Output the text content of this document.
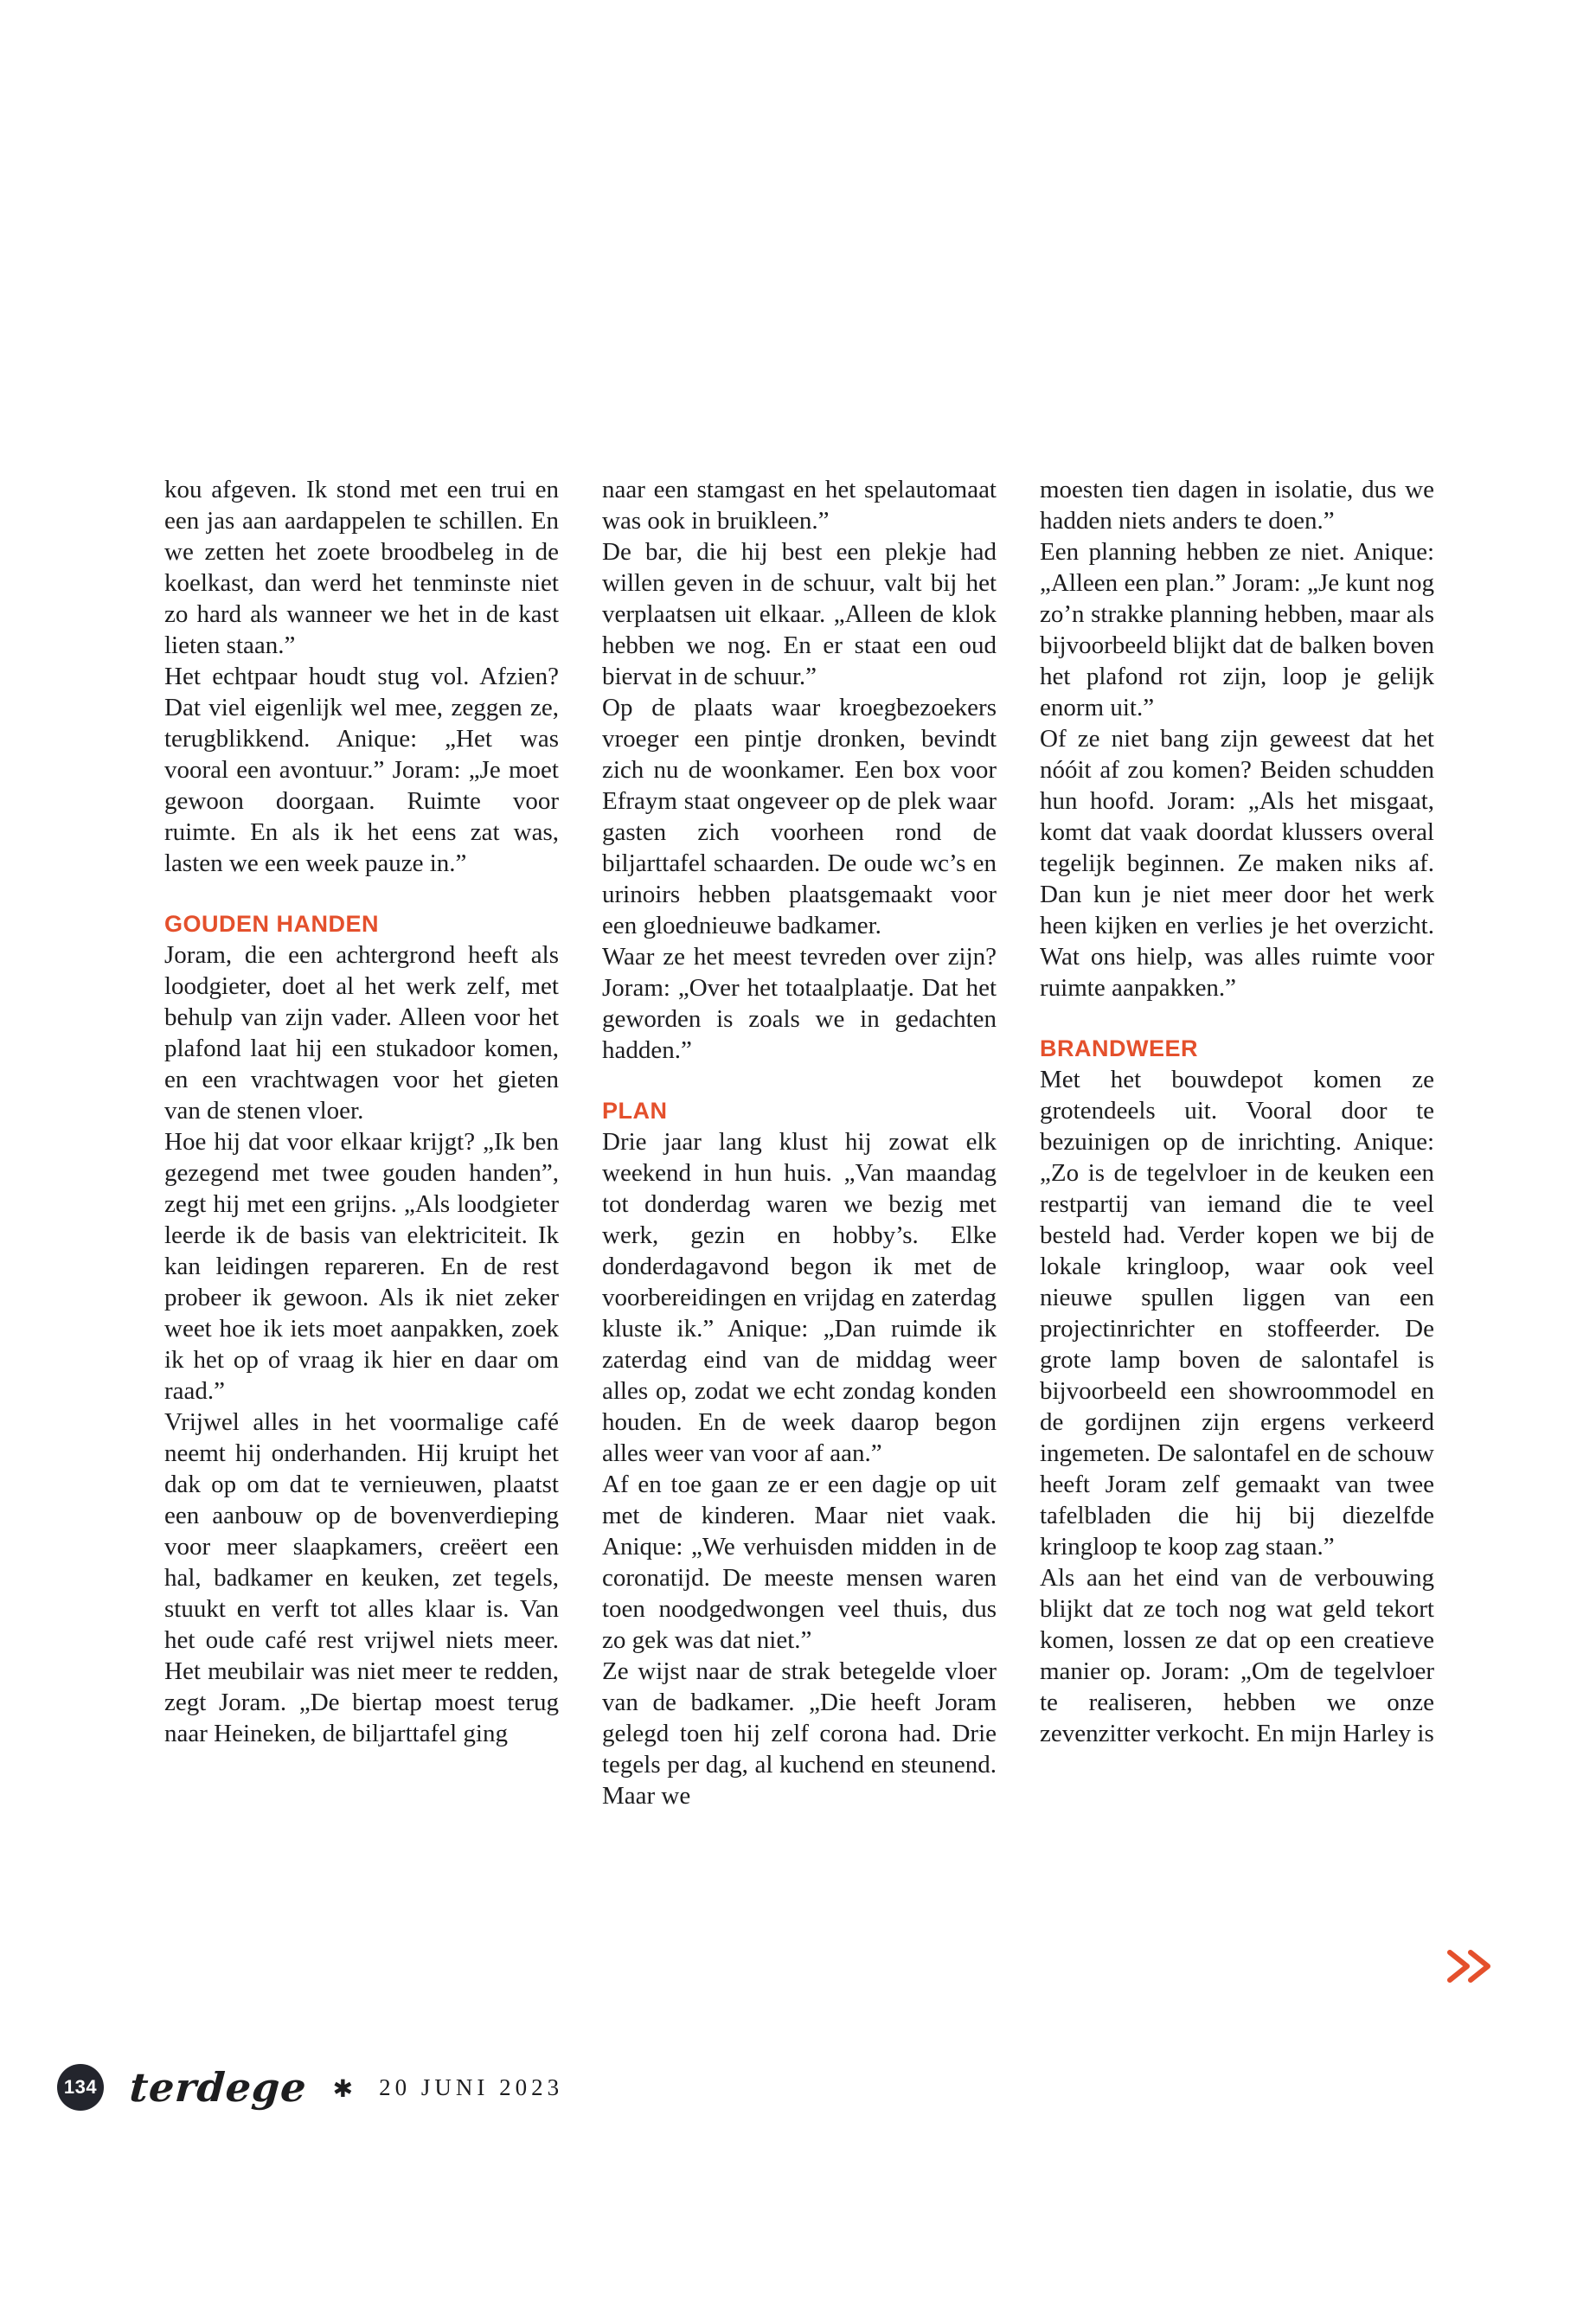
kou afgeven. Ik stond met een trui en een jas aan aardappelen te schillen. En we zetten het zoete broodbeleg in de koelkast, dan werd het tenminste niet zo hard als wanneer we het in de kast lieten staan.”

Het echtpaar houdt stug vol. Afzien? Dat viel eigenlijk wel mee, zeggen ze, terugblikkend. Anique: „Het was vooral een avontuur.” Joram: „Je moet gewoon doorgaan. Ruimte voor ruimte. En als ik het eens zat was, lasten we een week pauze in.”

GOUDEN HANDEN

Joram, die een achtergrond heeft als loodgieter, doet al het werk zelf, met behulp van zijn vader. Alleen voor het plafond laat hij een stukadoor komen, en een vrachtwagen voor het gieten van de stenen vloer.

Hoe hij dat voor elkaar krijgt? „Ik ben gezegend met twee gouden handen”, zegt hij met een grijns. „Als loodgieter leerde ik de basis van elektriciteit. Ik kan leidingen repareren. En de rest probeer ik gewoon. Als ik niet zeker weet hoe ik iets moet aanpakken, zoek ik het op of vraag ik hier en daar om raad.”

Vrijwel alles in het voormalige café neemt hij onderhanden. Hij kruipt het dak op om dat te vernieuwen, plaatst een aanbouw op de bovenverdieping voor meer slaapkamers, creëert een hal, badkamer en keuken, zet tegels, stuukt en verft tot alles klaar is. Van het oude café rest vrijwel niets meer. Het meubilair was niet meer te redden, zegt Joram. „De biertap moest terug naar Heineken, de biljarttafel ging

naar een stamgast en het spelautomaat was ook in bruikleen.”

De bar, die hij best een plekje had willen geven in de schuur, valt bij het verplaatsen uit elkaar. „Alleen de klok hebben we nog. En er staat een oud biervat in de schuur.”

Op de plaats waar kroegbezoekers vroeger een pintje dronken, bevindt zich nu de woonkamer. Een box voor Efraym staat ongeveer op de plek waar gasten zich voorheen rond de biljarttafel schaarden. De oude wc’s en urinoirs hebben plaatsgemaakt voor een gloednieuwe badkamer.

Waar ze het meest tevreden over zijn? Joram: „Over het totaalplaatje. Dat het geworden is zoals we in gedachten hadden.”

PLAN

Drie jaar lang klust hij zowat elk weekend in hun huis. „Van maandag tot donderdag waren we bezig met werk, gezin en hobby’s. Elke donderdagavond begon ik met de voorbereidingen en vrijdag en zaterdag kluste ik.” Anique: „Dan ruimde ik zaterdag eind van de middag weer alles op, zodat we echt zondag konden houden. En de week daarop begon alles weer van voor af aan.”

Af en toe gaan ze er een dagje op uit met de kinderen. Maar niet vaak. Anique: „We verhuisden midden in de coronatijd. De meeste mensen waren toen noodgedwongen veel thuis, dus zo gek was dat niet.”

Ze wijst naar de strak betegelde vloer van de badkamer. „Die heeft Joram gelegd toen hij zelf corona had. Drie tegels per dag, al kuchend en steunend. Maar we

moesten tien dagen in isolatie, dus we hadden niets anders te doen.”

Een planning hebben ze niet. Anique: „Alleen een plan.” Joram: „Je kunt nog zo’n strakke planning hebben, maar als bijvoorbeeld blijkt dat de balken boven het plafond rot zijn, loop je gelijk enorm uit.”

Of ze niet bang zijn geweest dat het nóóit af zou komen? Beiden schudden hun hoofd. Joram: „Als het misgaat, komt dat vaak doordat klussers overal tegelijk beginnen. Ze maken niks af. Dan kun je niet meer door het werk heen kijken en verlies je het overzicht. Wat ons hielp, was alles ruimte voor ruimte aanpakken.”

BRANDWEER

Met het bouwdepot komen ze grotendeels uit. Vooral door te bezuinigen op de inrichting. Anique: „Zo is de tegelvloer in de keuken een restpartij van iemand die te veel besteld had. Verder kopen we bij de lokale kringloop, waar ook veel nieuwe spullen liggen van een projectinrichter en stoffeerder. De grote lamp boven de salontafel is bijvoorbeeld een showroommodel en de gordijnen zijn ergens verkeerd ingemeten. De salontafel en de schouw heeft Joram zelf gemaakt van twee tafelbladen die hij bij diezelfde kringloop te koop zag staan.”

Als aan het eind van de verbouwing blijkt dat ze toch nog wat geld tekort komen, lossen ze dat op een creatieve manier op. Joram: „Om de tegelvloer te realiseren, hebben we onze zevenzitter verkocht. En mijn Harley is

134 terdege ✱ 20 JUNI 2023
